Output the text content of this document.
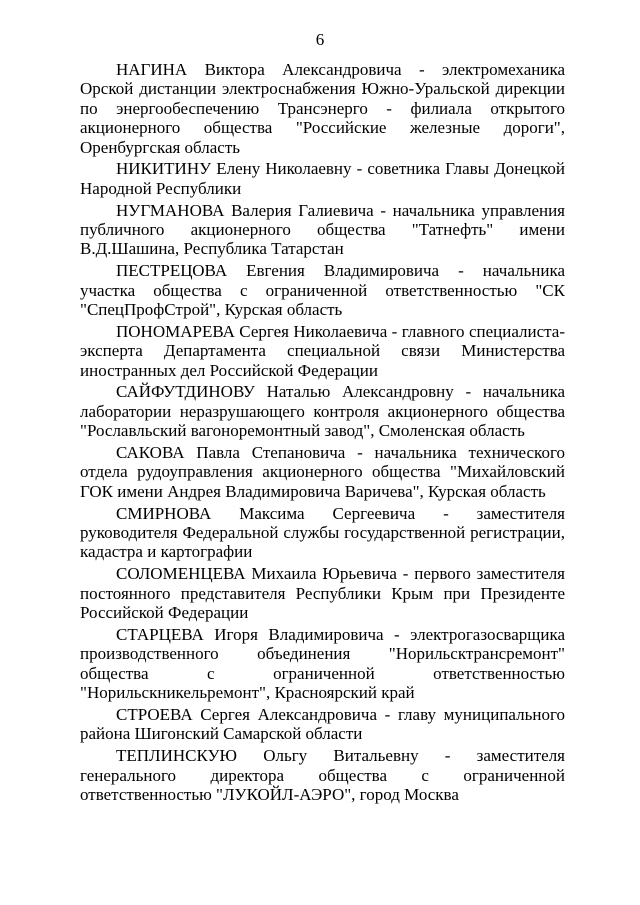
6

НАГИНА Виктора Александровича - электромеханика Орской дистанции электроснабжения Южно-Уральской дирекции по энергообеспечению Трансэнерго - филиала открытого акционерного общества "Российские железные дороги", Оренбургская область

НИКИТИНУ Елену Николаевну - советника Главы Донецкой Народной Республики

НУГМАНОВА Валерия Галиевича - начальника управления публичного акционерного общества "Татнефть" имени В.Д.Шашина, Республика Татарстан

ПЕСТРЕЦОВА Евгения Владимировича - начальника участка общества с ограниченной ответственностью "СК "СпецПрофСтрой", Курская область

ПОНОМАРЕВА Сергея Николаевича - главного специалиста-эксперта Департамента специальной связи Министерства иностранных дел Российской Федерации

САЙФУТДИНОВУ Наталью Александровну - начальника лаборатории неразрушающего контроля акционерного общества "Рославльский вагоноремонтный завод", Смоленская область

САКОВА Павла Степановича - начальника технического отдела рудоуправления акционерного общества "Михайловский ГОК имени Андрея Владимировича Варичева", Курская область

СМИРНОВА Максима Сергеевича - заместителя руководителя Федеральной службы государственной регистрации, кадастра и картографии

СОЛОМЕНЦЕВА Михаила Юрьевича - первого заместителя постоянного представителя Республики Крым при Президенте Российской Федерации

СТАРЦЕВА Игоря Владимировича - электрогазосварщика производственного объединения "Норильсктрансремонт" общества с ограниченной ответственностью "Норильскникельремонт", Красноярский край

СТРОЕВА Сергея Александровича - главу муниципального района Шигонский Самарской области

ТЕПЛИНСКУЮ Ольгу Витальевну - заместителя генерального директора общества с ограниченной ответственностью "ЛУКОЙЛ-АЭРО", город Москва
